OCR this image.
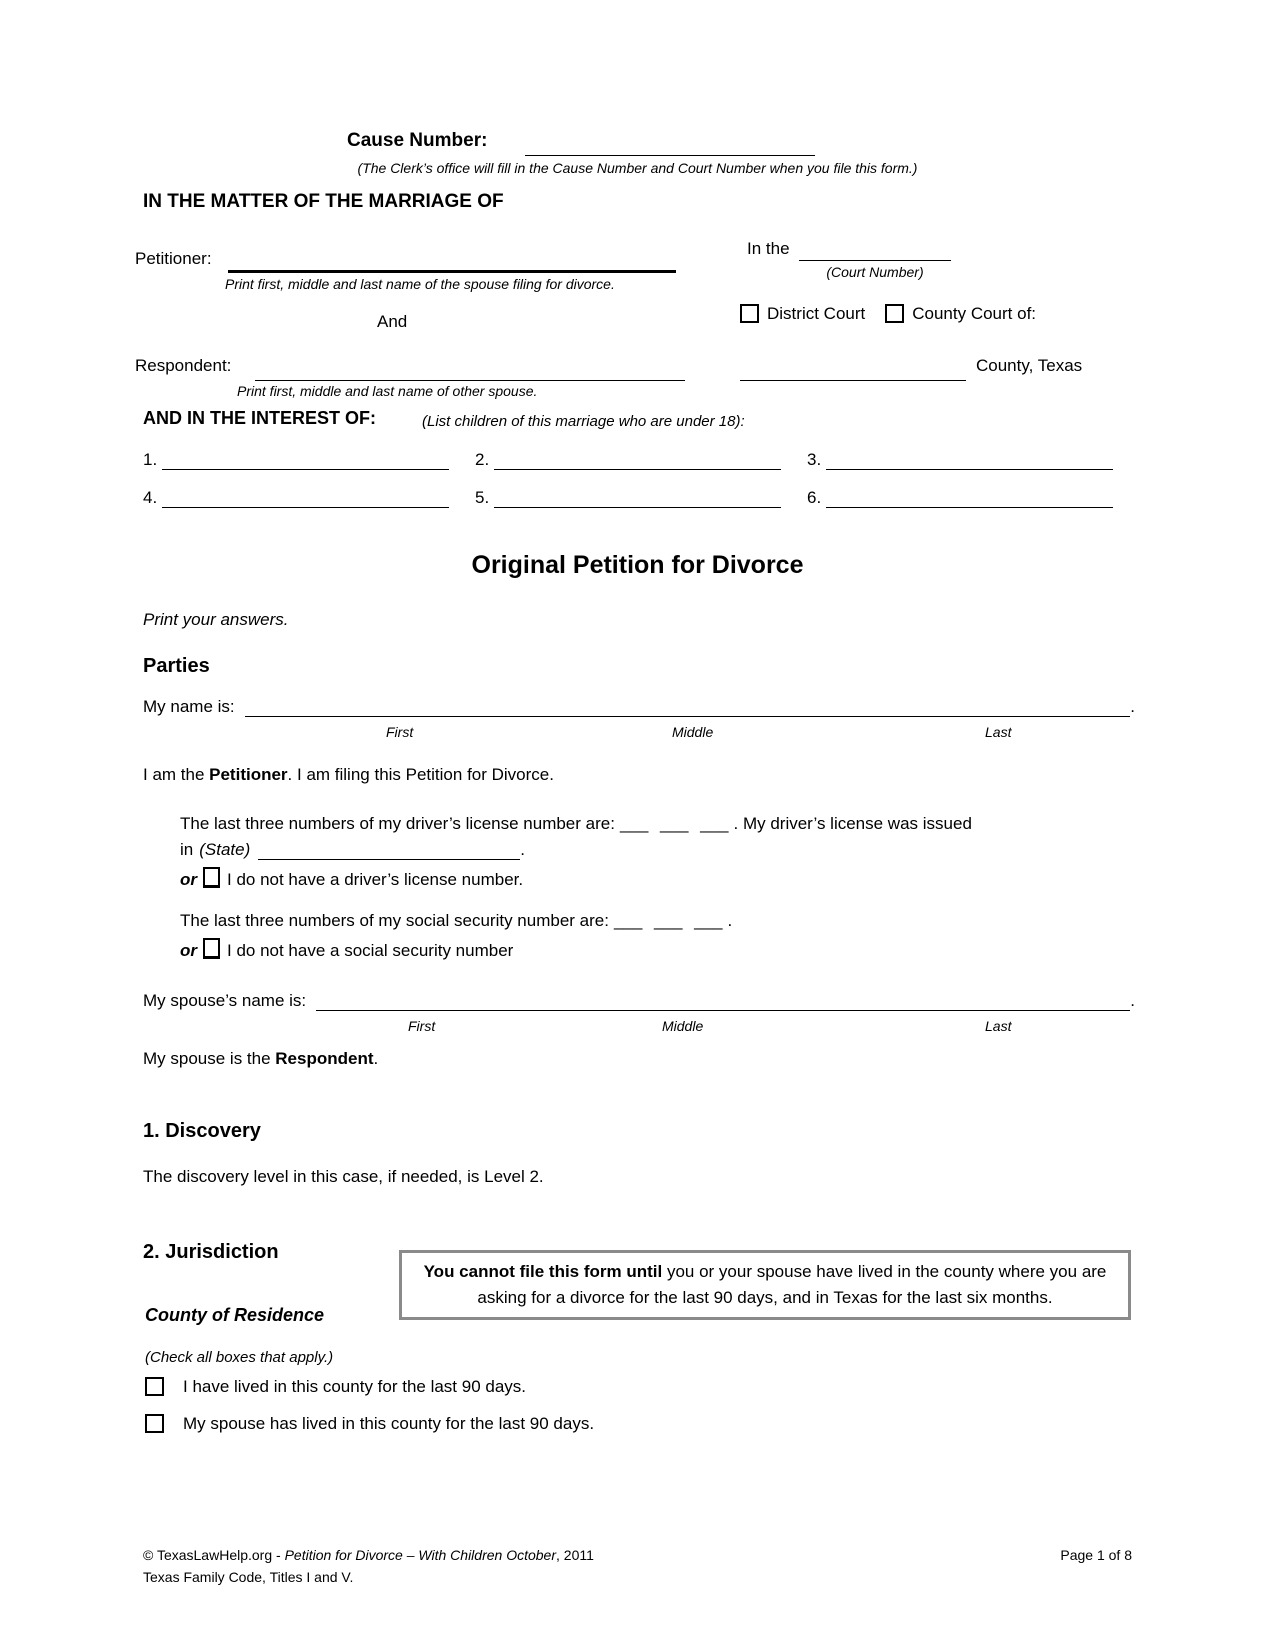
Cause Number:
(The Clerk’s office will fill in the Cause Number and Court Number when you file this form.)
IN THE MATTER OF THE MARRIAGE OF
Petitioner:
Print first, middle and last name of the spouse filing for divorce.
In the
(Court Number)
And	District Court	County Court of:
Respondent:	County, Texas
Print first, middle and last name of other spouse.
AND IN THE INTEREST OF:	(List children of this marriage who are under 18):
1.	2.	3.
4.	5.	6.
Original Petition for Divorce
Print your answers.
Parties
My name is:	.
First	Middle	Last
I am the Petitioner. I am filing this Petition for Divorce.
The last three numbers of my driver’s license number are: ___ ___ ___ . My driver’s license was issued
in (State)	.
or I do not have a driver’s license number.
The last three numbers of my social security number are: ___ ___ ___ .
or I do not have a social security number
My spouse’s name is:	.
First	Middle	Last
My spouse is the Respondent.
1. Discovery
The discovery level in this case, if needed, is Level 2.
2. Jurisdiction
You cannot file this form until you or your spouse have lived in the county where you are asking for a divorce for the last 90 days, and in Texas for the last six months.
County of Residence
(Check all boxes that apply.)
I have lived in this county for the last 90 days.
My spouse has lived in this county for the last 90 days.
© TexasLawHelp.org - Petition for Divorce – With Children October, 2011	Page 1 of 8
Texas Family Code, Titles I and V.
